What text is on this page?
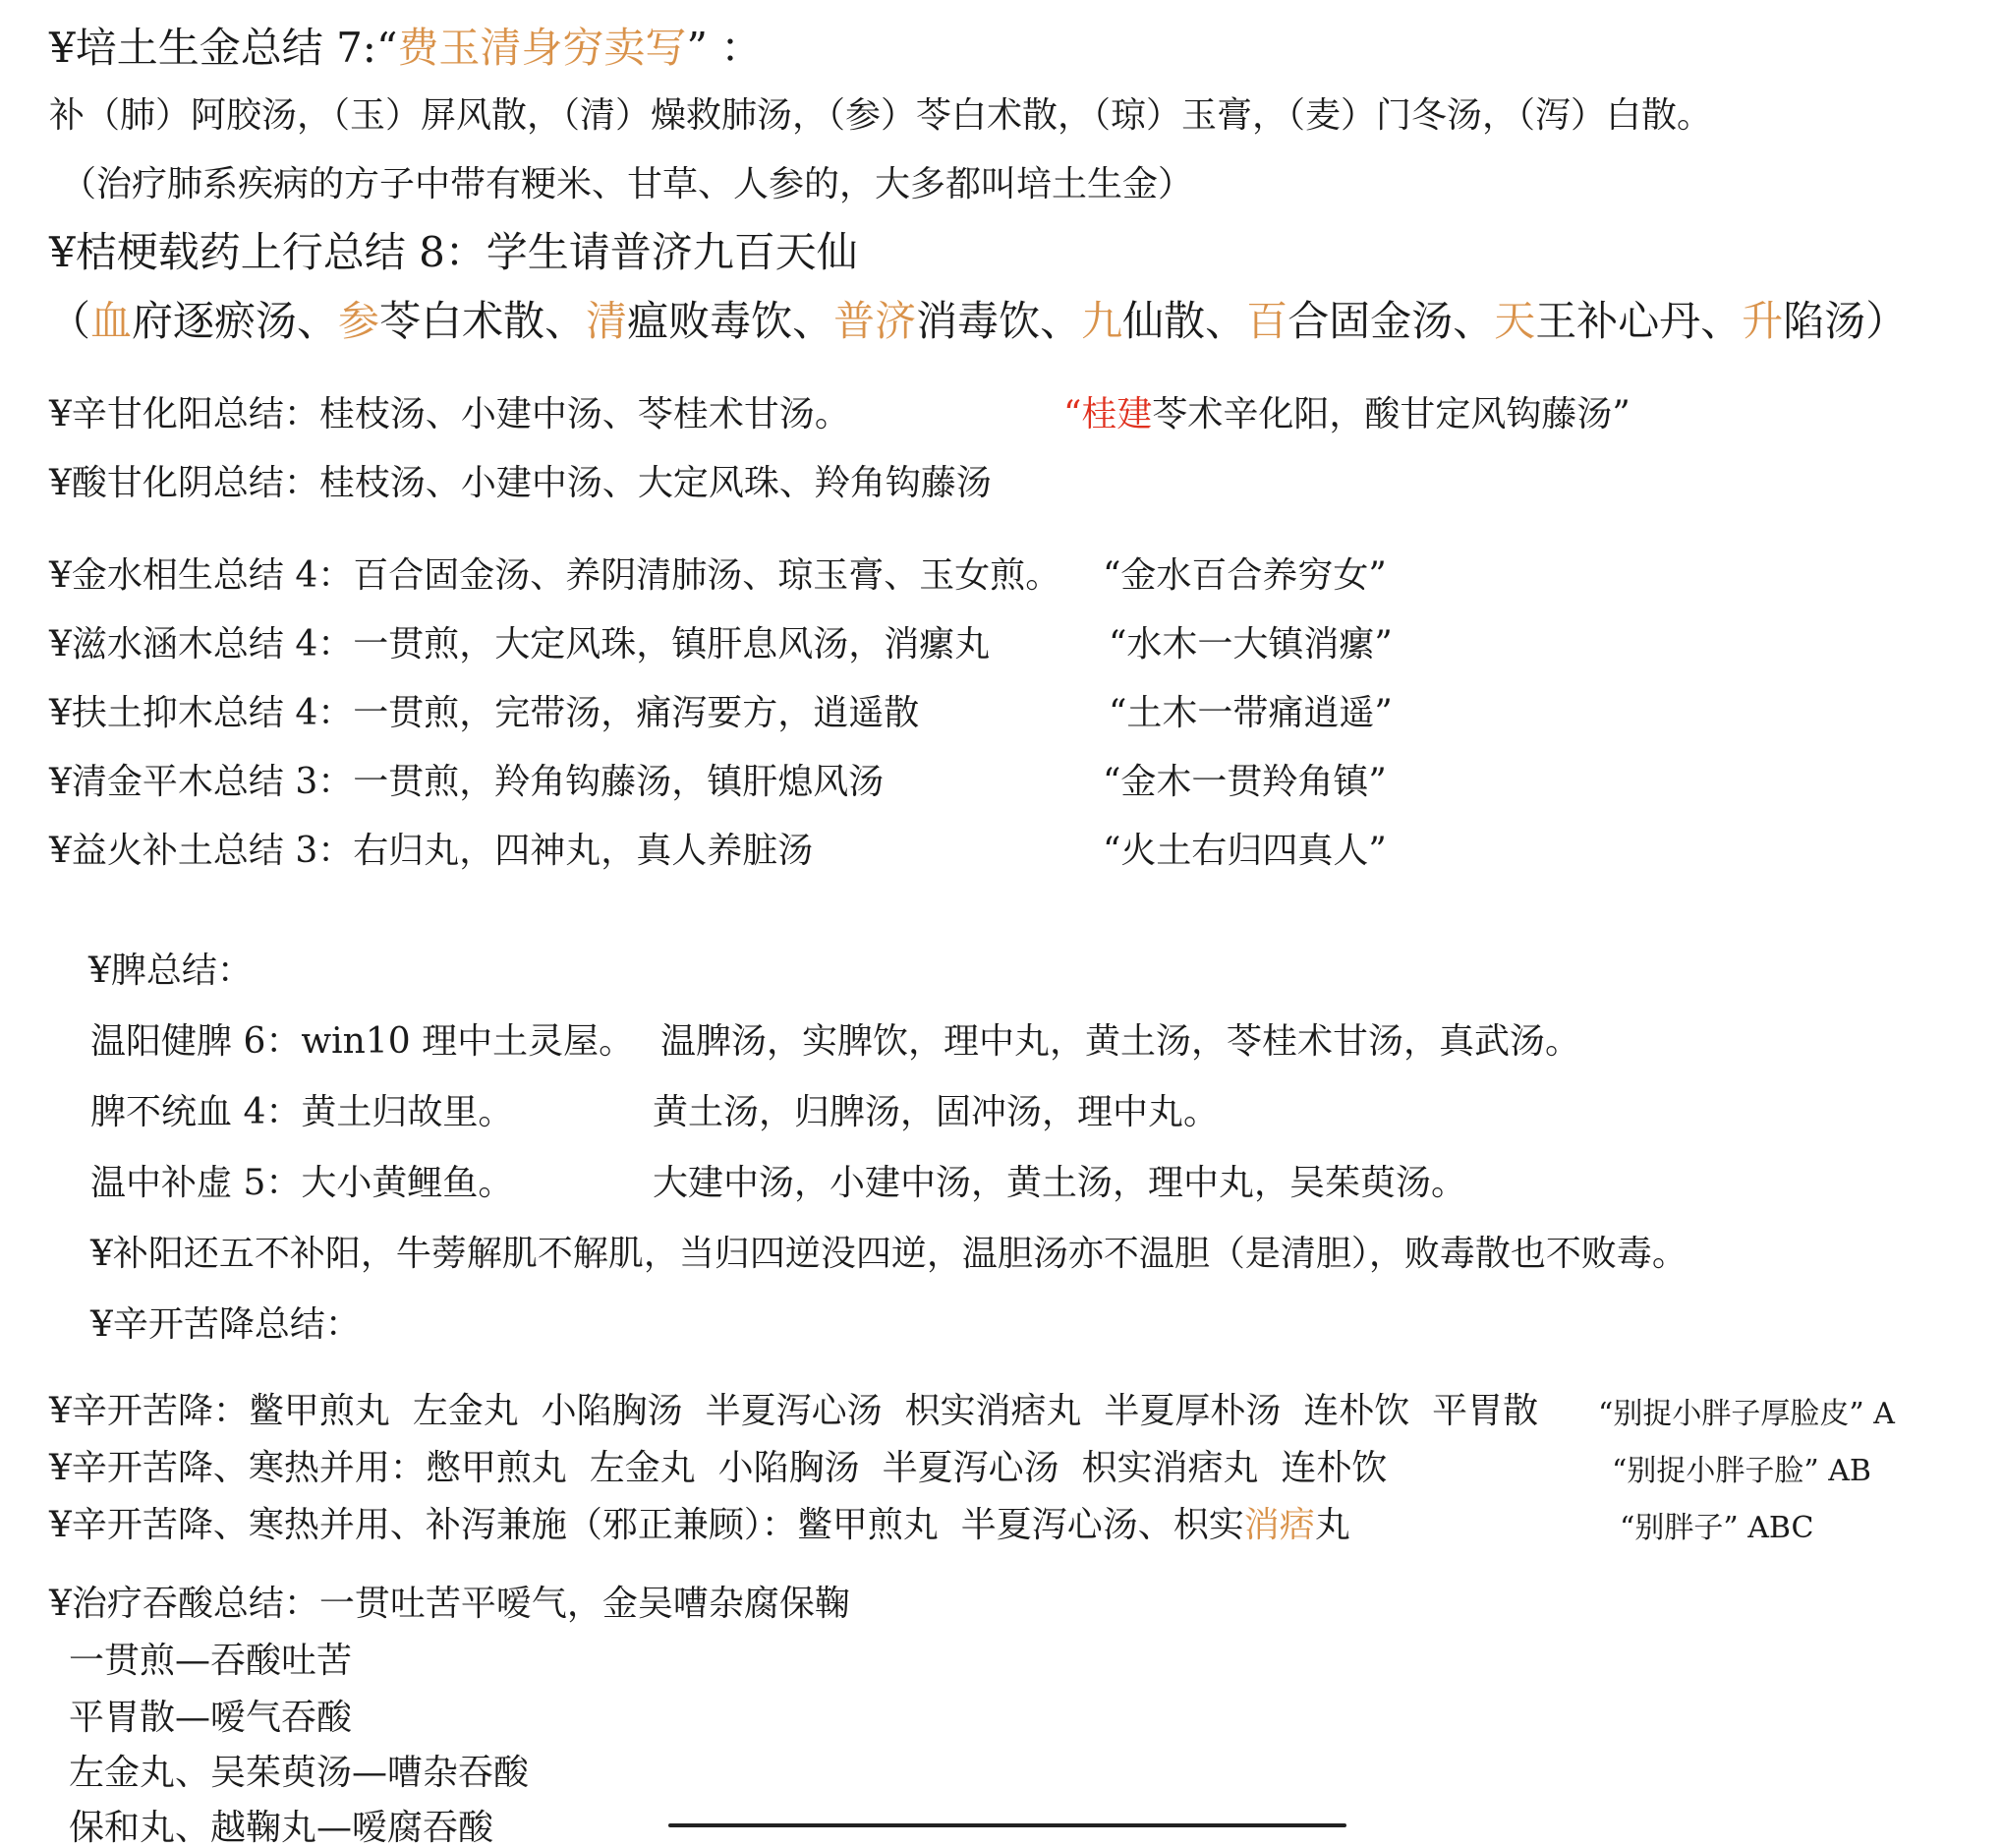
¥培土生金总结 7:“费玉清身穷卖写” ：
补（肺）阿胶汤，（玉）屏风散，（清）燥救肺汤，（参）苓白术散，（琼）玉膏，（麦）门冬汤，（泻）白散。
（治疗肺系疾病的方子中带有粳米、甘草、人参的，大多都叫培土生金）
¥桔梗载药上行总结 8：学生请普济九百天仙
（血府逐瘀汤、参苓白术散、清瘟败毒饮、普济消毒饮、九仙散、百合固金汤、天王补心丹、升陷汤）
¥辛甘化阳总结：桂枝汤、小建中汤、苓桂术甘汤。	“桂建苓术辛化阳，酸甘定风钩藤汤”
¥酸甘化阴总结：桂枝汤、小建中汤、大定风珠、羚角钩藤汤
¥金水相生总结 4：百合固金汤、养阴清肺汤、琼玉膏、玉女煎。 “金水百合养穷女”
¥滋水涵木总结 4：一贯煎，大定风珠，镇肝息风汤，消瘰丸	“水木一大镇消瘰”
¥扶土抑木总结 4：一贯煎，完带汤，痛泻要方，逍遥散	“土木一带痛逍遥”
¥清金平木总结 3：一贯煎，羚角钩藤汤，镇肝熄风汤	“金木一贯羚角镇”
¥益火补土总结 3：右归丸，四神丸，真人养脏汤	“火土右归四真人”
¥脾总结：
温阳健脾 6：win10 理中土灵屋。 温脾汤，实脾饮，理中丸，黄土汤，苓桂术甘汤，真武汤。
脾不统血 4：黄土归故里。	黄土汤，归脾汤，固冲汤，理中丸。
温中补虚 5：大小黄鲤鱼。	大建中汤，小建中汤，黄土汤，理中丸，吴茱萸汤。
¥补阳还五不补阳，牛蒡解肌不解肌，当归四逆没四逆，温胆汤亦不温胆（是清胆），败毒散也不败毒。
¥辛开苦降总结：
¥辛开苦降：鳖甲煎丸  左金丸  小陷胸汤  半夏泻心汤  枳实消痞丸  半夏厚朴汤  连朴饮  平胃散 “别捉小胖子厚脸皮” A
¥辛开苦降、寒热并用：憋甲煎丸  左金丸  小陷胸汤  半夏泻心汤  枳实消痞丸  连朴饮	“别捉小胖子脸” AB
¥辛开苦降、寒热并用、补泻兼施（邪正兼顾）：鳖甲煎丸  半夏泻心汤、枳实消痞丸	“别胖子” ABC
¥治疗吞酸总结：一贯吐苦平嗳气，金吴嘈杂腐保鞠
一贯煎—吞酸吐苦
平胃散—嗳气吞酸
左金丸、吴茱萸汤—嘈杂吞酸
保和丸、越鞠丸—嗳腐吞酸
